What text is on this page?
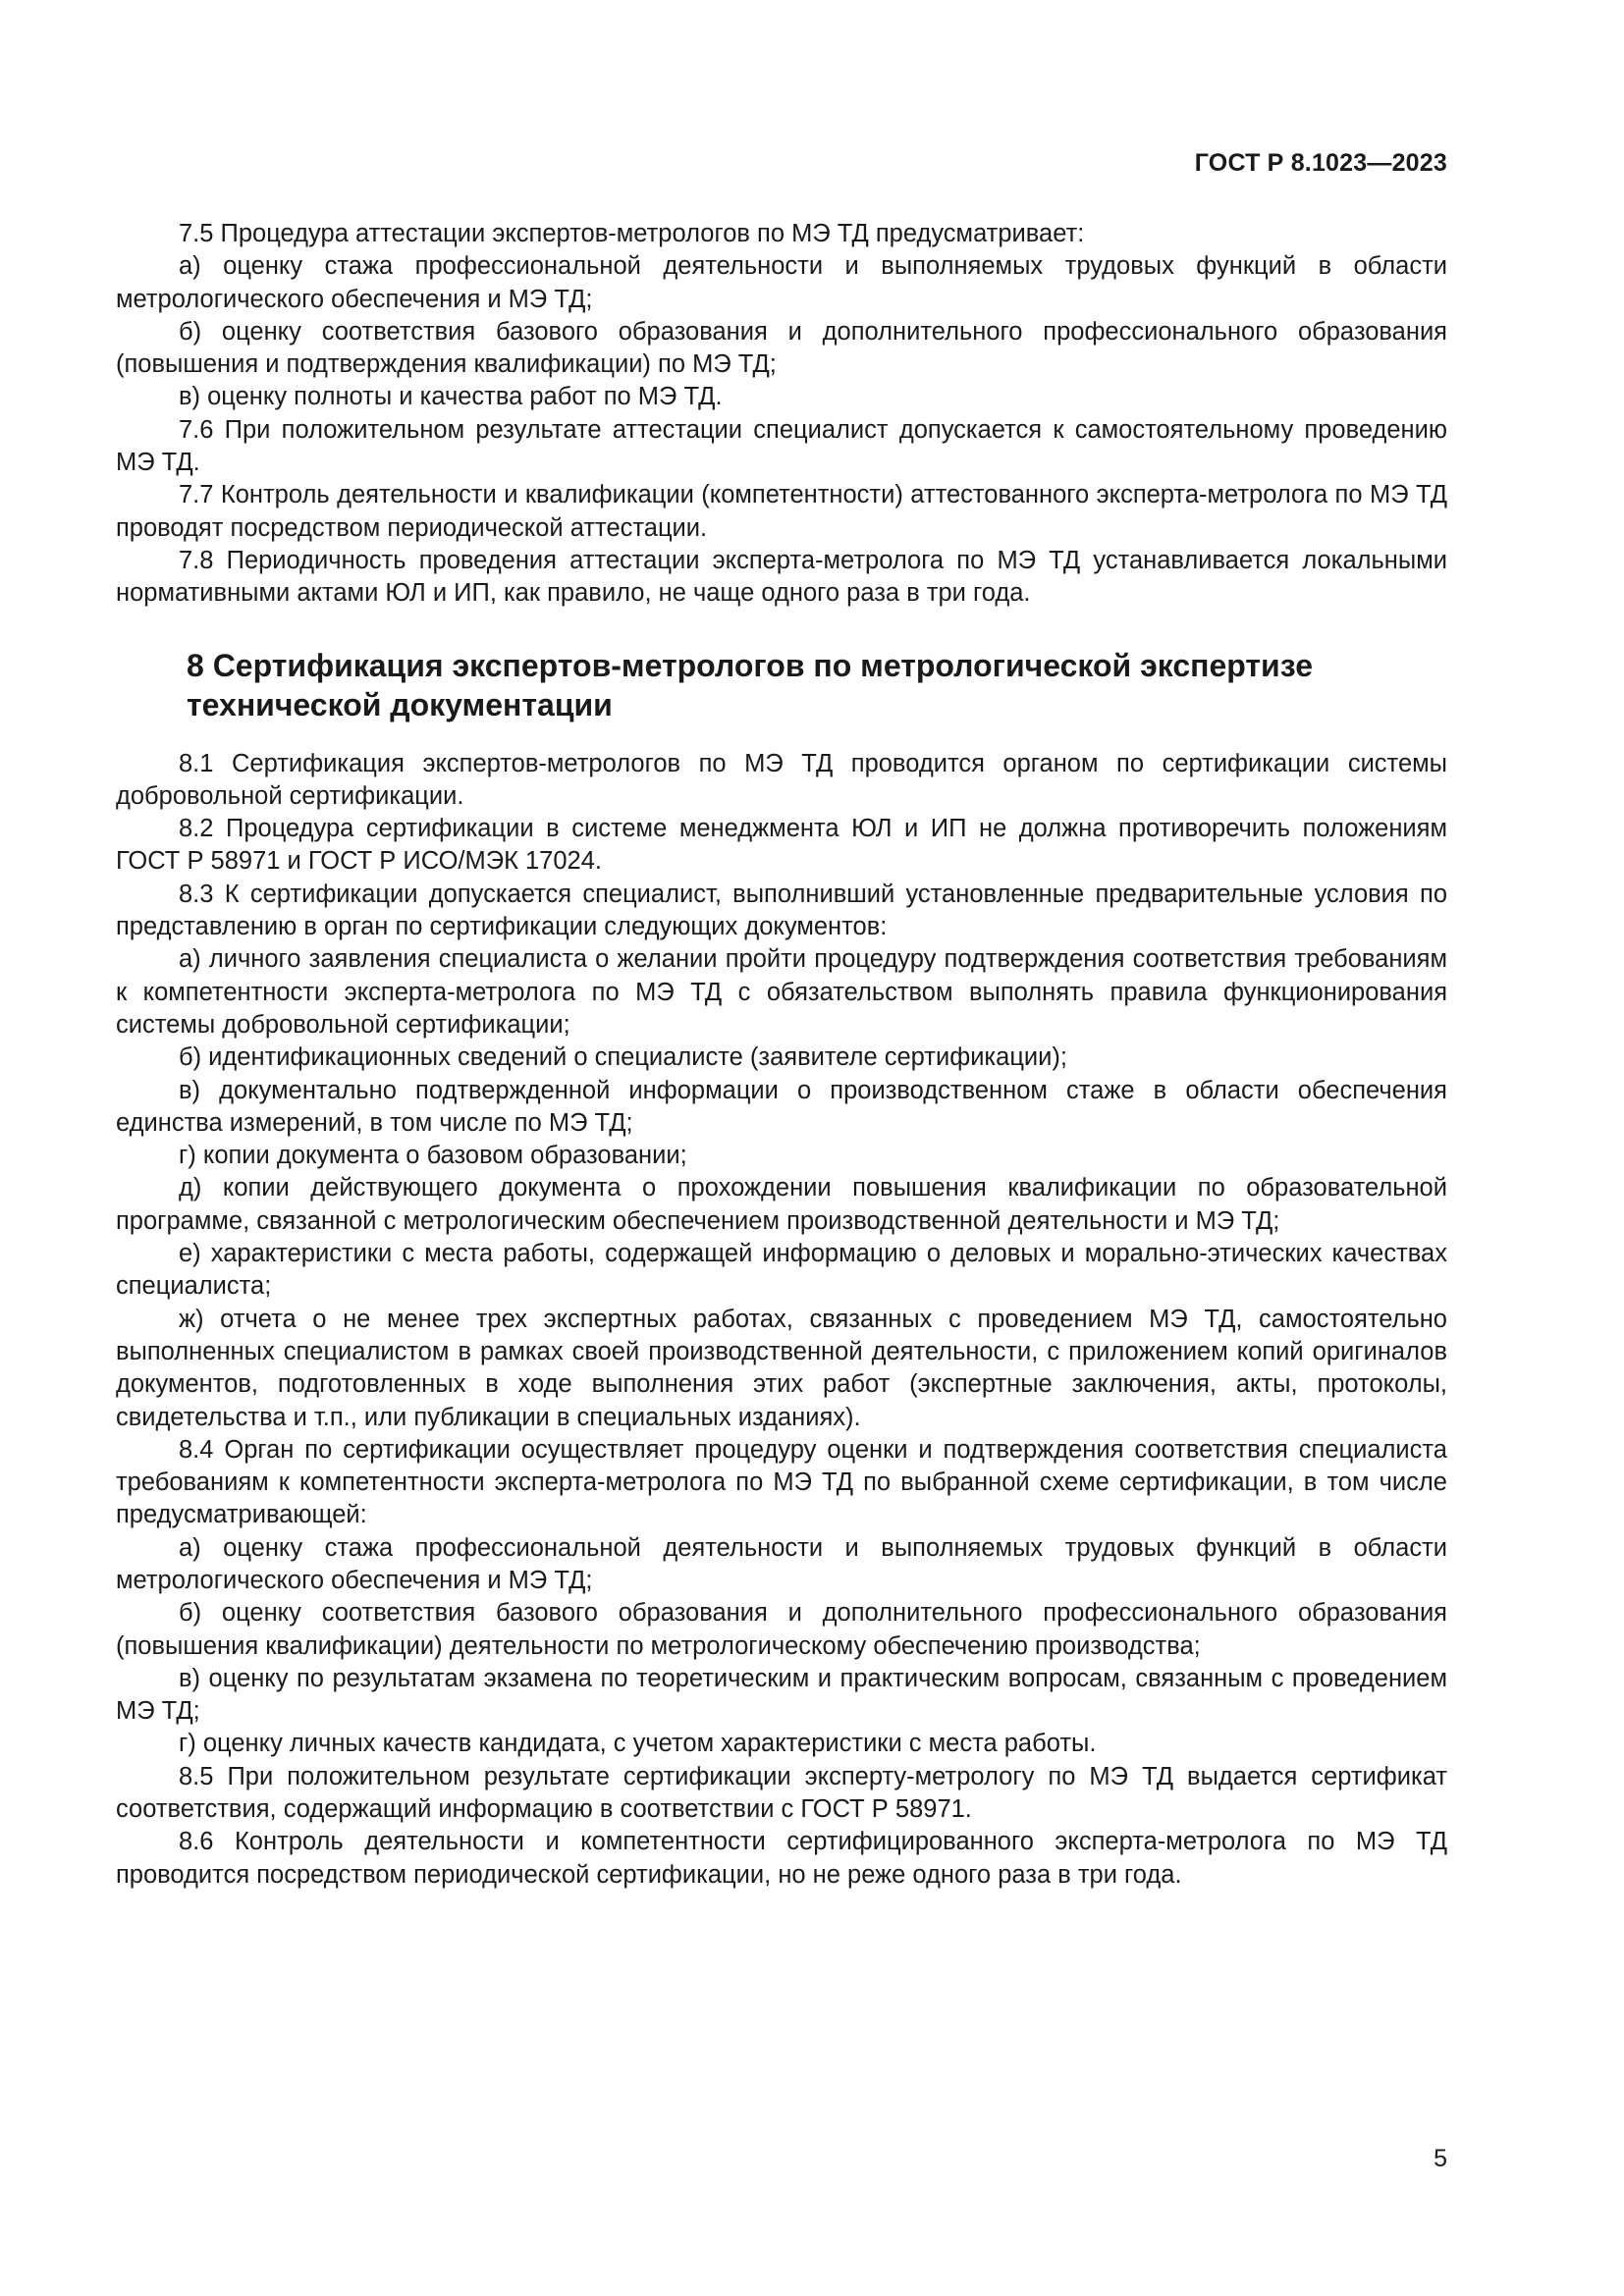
ГОСТ Р 8.1023—2023

7.5 Процедура аттестации экспертов-метрологов по МЭ ТД предусматривает:

а) оценку стажа профессиональной деятельности и выполняемых трудовых функций в области метрологического обеспечения и МЭ ТД;

б) оценку соответствия базового образования и дополнительного профессионального образования (повышения и подтверждения квалификации) по МЭ ТД;

в) оценку полноты и качества работ по МЭ ТД.

7.6 При положительном результате аттестации специалист допускается к самостоятельному проведению МЭ ТД.

7.7 Контроль деятельности и квалификации (компетентности) аттестованного эксперта-метролога по МЭ ТД проводят посредством периодической аттестации.

7.8 Периодичность проведения аттестации эксперта-метролога по МЭ ТД устанавливается локальными нормативными актами ЮЛ и ИП, как правило, не чаще одного раза в три года.

8 Сертификация экспертов-метрологов по метрологической экспертизе технической документации

8.1 Сертификация экспертов-метрологов по МЭ ТД проводится органом по сертификации системы добровольной сертификации.

8.2 Процедура сертификации в системе менеджмента ЮЛ и ИП не должна противоречить положениям ГОСТ Р 58971 и ГОСТ Р ИСО/МЭК 17024.

8.3 К сертификации допускается специалист, выполнивший установленные предварительные условия по представлению в орган по сертификации следующих документов:

а) личного заявления специалиста о желании пройти процедуру подтверждения соответствия требованиям к компетентности эксперта-метролога по МЭ ТД с обязательством выполнять правила функционирования системы добровольной сертификации;

б) идентификационных сведений о специалисте (заявителе сертификации);

в) документально подтвержденной информации о производственном стаже в области обеспечения единства измерений, в том числе по МЭ ТД;

г) копии документа о базовом образовании;

д) копии действующего документа о прохождении повышения квалификации по образовательной программе, связанной с метрологическим обеспечением производственной деятельности и МЭ ТД;

е) характеристики с места работы, содержащей информацию о деловых и морально-этических качествах специалиста;

ж) отчета о не менее трех экспертных работах, связанных с проведением МЭ ТД, самостоятельно выполненных специалистом в рамках своей производственной деятельности, с приложением копий оригиналов документов, подготовленных в ходе выполнения этих работ (экспертные заключения, акты, протоколы, свидетельства и т.п., или публикации в специальных изданиях).

8.4 Орган по сертификации осуществляет процедуру оценки и подтверждения соответствия специалиста требованиям к компетентности эксперта-метролога по МЭ ТД по выбранной схеме сертификации, в том числе предусматривающей:

а) оценку стажа профессиональной деятельности и выполняемых трудовых функций в области метрологического обеспечения и МЭ ТД;

б) оценку соответствия базового образования и дополнительного профессионального образования (повышения квалификации) деятельности по метрологическому обеспечению производства;

в) оценку по результатам экзамена по теоретическим и практическим вопросам, связанным с проведением МЭ ТД;

г) оценку личных качеств кандидата, с учетом характеристики с места работы.

8.5 При положительном результате сертификации эксперту-метрологу по МЭ ТД выдается сертификат соответствия, содержащий информацию в соответствии с ГОСТ Р 58971.

8.6 Контроль деятельности и компетентности сертифицированного эксперта-метролога по МЭ ТД проводится посредством периодической сертификации, но не реже одного раза в три года.

5
